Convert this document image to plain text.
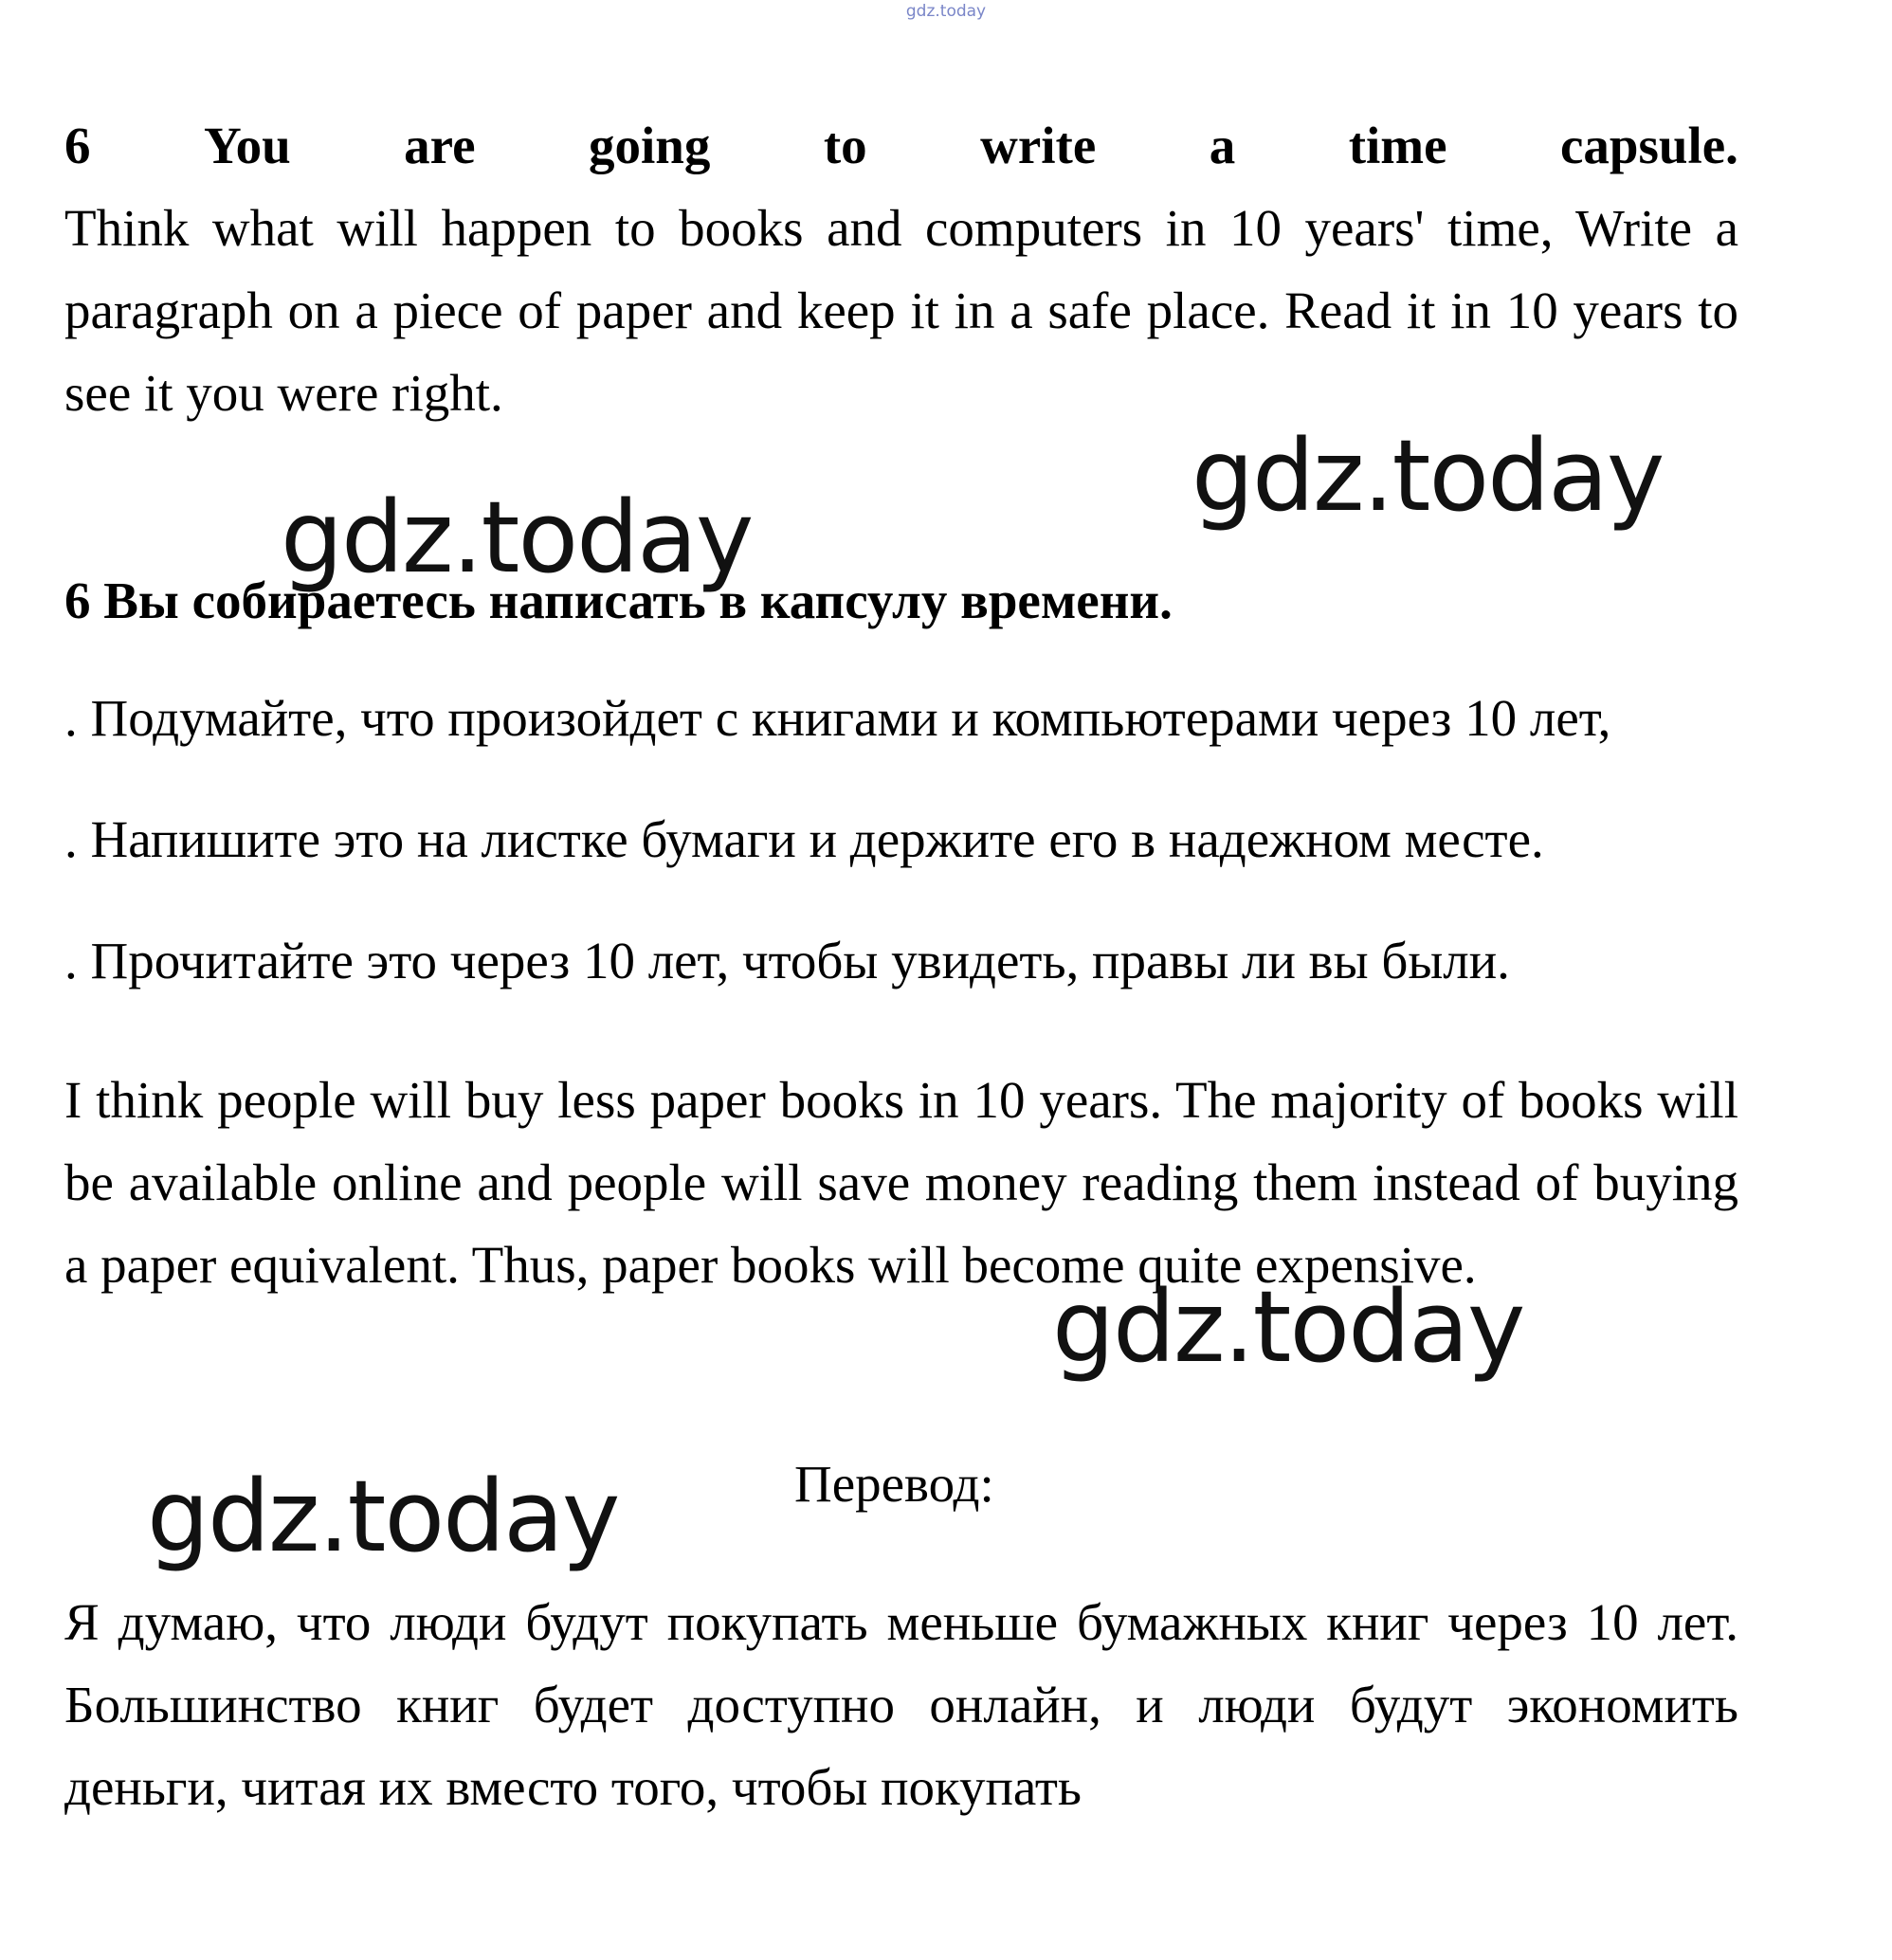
gdz.today
6 You are going to write a time capsule.
Think what will happen to books and computers in 10 years' time, Write a paragraph on a piece of paper and keep it in a safe place. Read it in 10 years to see it you were right.
6 Вы собираетесь написать в капсулу времени.
. Подумайте, что произойдет с книгами и компьютерами через 10 лет,
. Напишите это на листке бумаги и держите его в надежном месте.
. Прочитайте это через 10 лет, чтобы увидеть, правы ли вы были.
I think people will buy less paper books in 10 years. The majority of books will be available online and people will save money reading them instead of buying a paper equivalent. Thus, paper books will become quite expensive.
Перевод:
Я думаю, что люди будут покупать меньше бумажных книг через 10 лет. Большинство книг будет доступно онлайн, и люди будут экономить деньги, читая их вместо того, чтобы покупать
gdz.today
gdz.today
gdz.today
gdz.today
